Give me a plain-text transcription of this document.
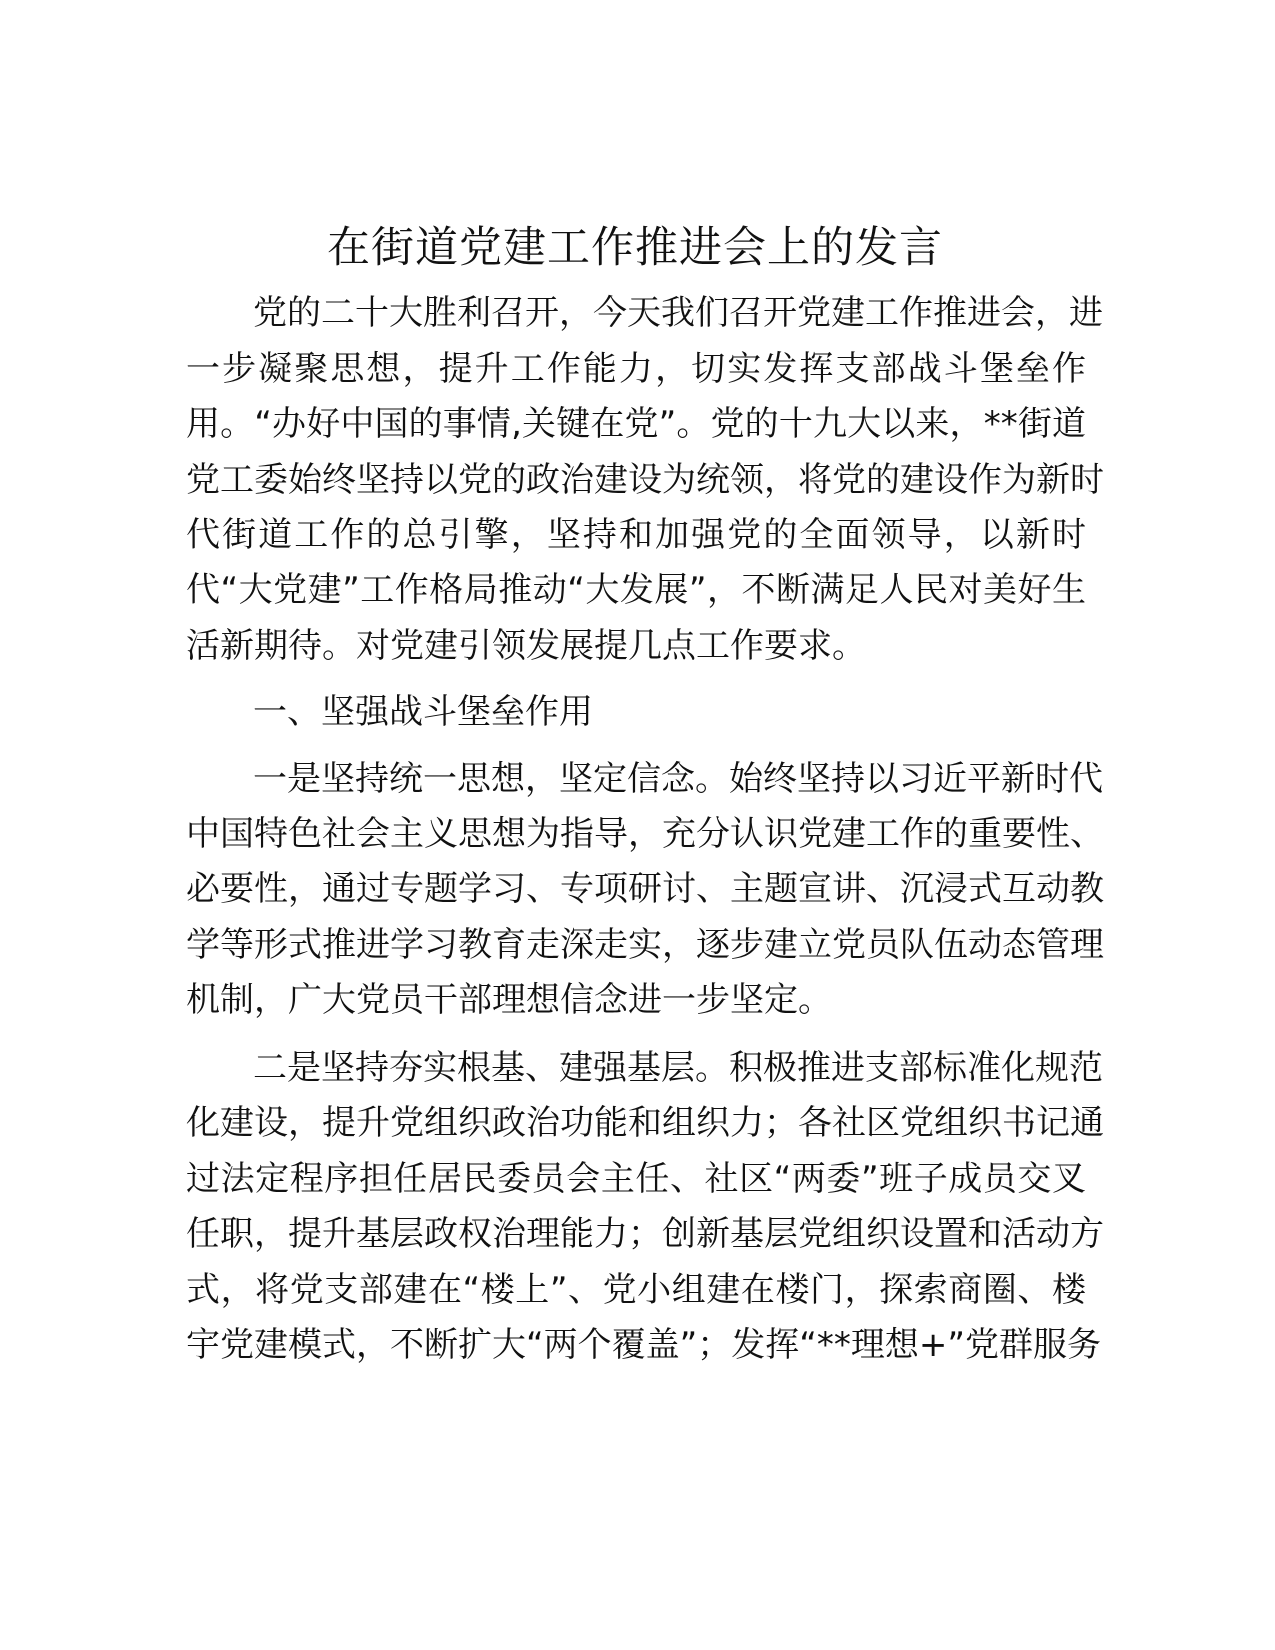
在街道党建工作推进会上的发言
党的二十大胜利召开，今天我们召开党建工作推进会，进
一步凝聚思想，提升工作能力，切实发挥支部战斗堡垒作
用。“办好中国的事情,关键在党”。党的十九大以来，**街道
党工委始终坚持以党的政治建设为统领，将党的建设作为新时
代街道工作的总引擎，坚持和加强党的全面领导，以新时
代“大党建”工作格局推动“大发展”，不断满足人民对美好生
活新期待。对党建引领发展提几点工作要求。
一、坚强战斗堡垒作用
一是坚持统一思想，坚定信念。始终坚持以习近平新时代
中国特色社会主义思想为指导，充分认识党建工作的重要性、
必要性，通过专题学习、专项研讨、主题宣讲、沉浸式互动教
学等形式推进学习教育走深走实，逐步建立党员队伍动态管理
机制，广大党员干部理想信念进一步坚定。
二是坚持夯实根基、建强基层。积极推进支部标准化规范
化建设，提升党组织政治功能和组织力；各社区党组织书记通
过法定程序担任居民委员会主任、社区“两委”班子成员交叉
任职，提升基层政权治理能力；创新基层党组织设置和活动方
式，将党支部建在“楼上”、党小组建在楼门，探索商圈、楼
宇党建模式，不断扩大“两个覆盖”；发挥“**理想+”党群服务
